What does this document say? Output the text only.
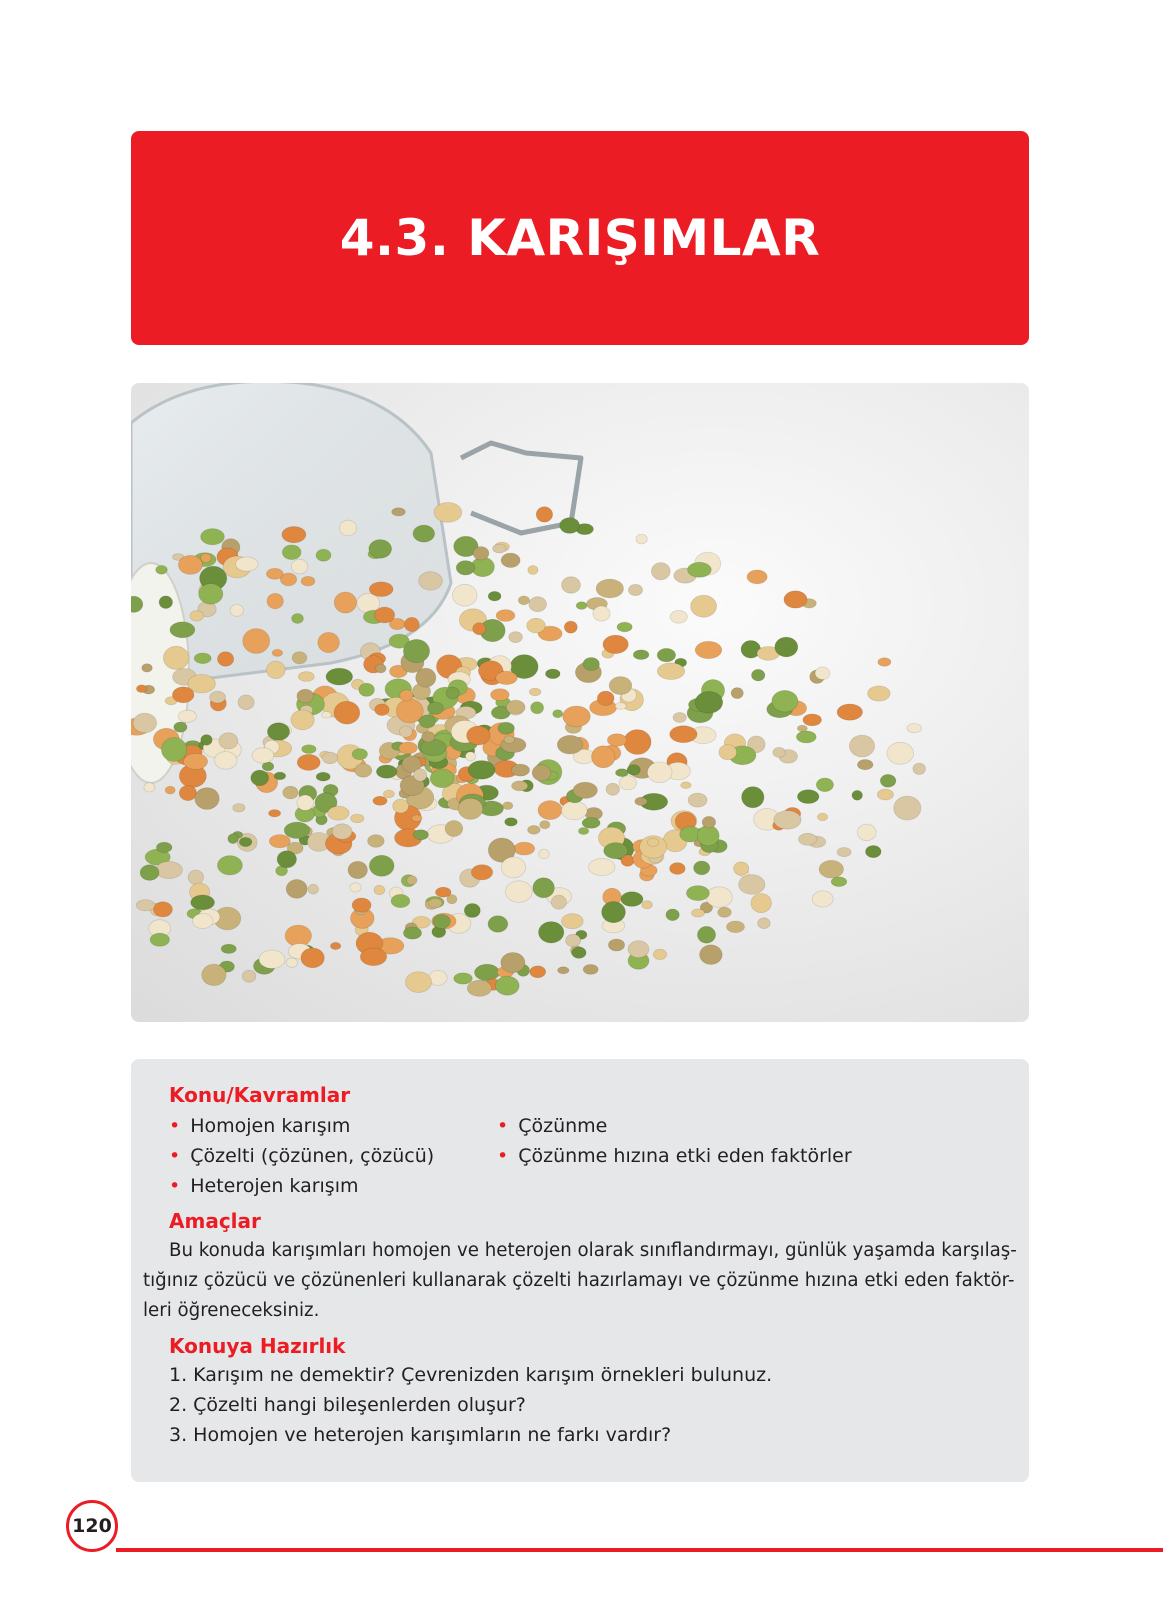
4.3. KARIŞIMLAR
Konu/Kavramlar
• Homojen karışım
• Çözelti (çözünen, çözücü)
• Heterojen karışım
• Çözünme
• Çözünme hızına etki eden faktörler
Amaçlar
Bu konuda karışımları homojen ve heterojen olarak sınıflandırmayı, günlük yaşamda karşılaş-
tığınız çözücü ve çözünenleri kullanarak çözelti hazırlamayı ve çözünme hızına etki eden faktör-
leri öğreneceksiniz.
Konuya Hazırlık
1. Karışım ne demektir? Çevrenizden karışım örnekleri bulunuz.
2. Çözelti hangi bileşenlerden oluşur?
3. Homojen ve heterojen karışımların ne farkı vardır?
120
